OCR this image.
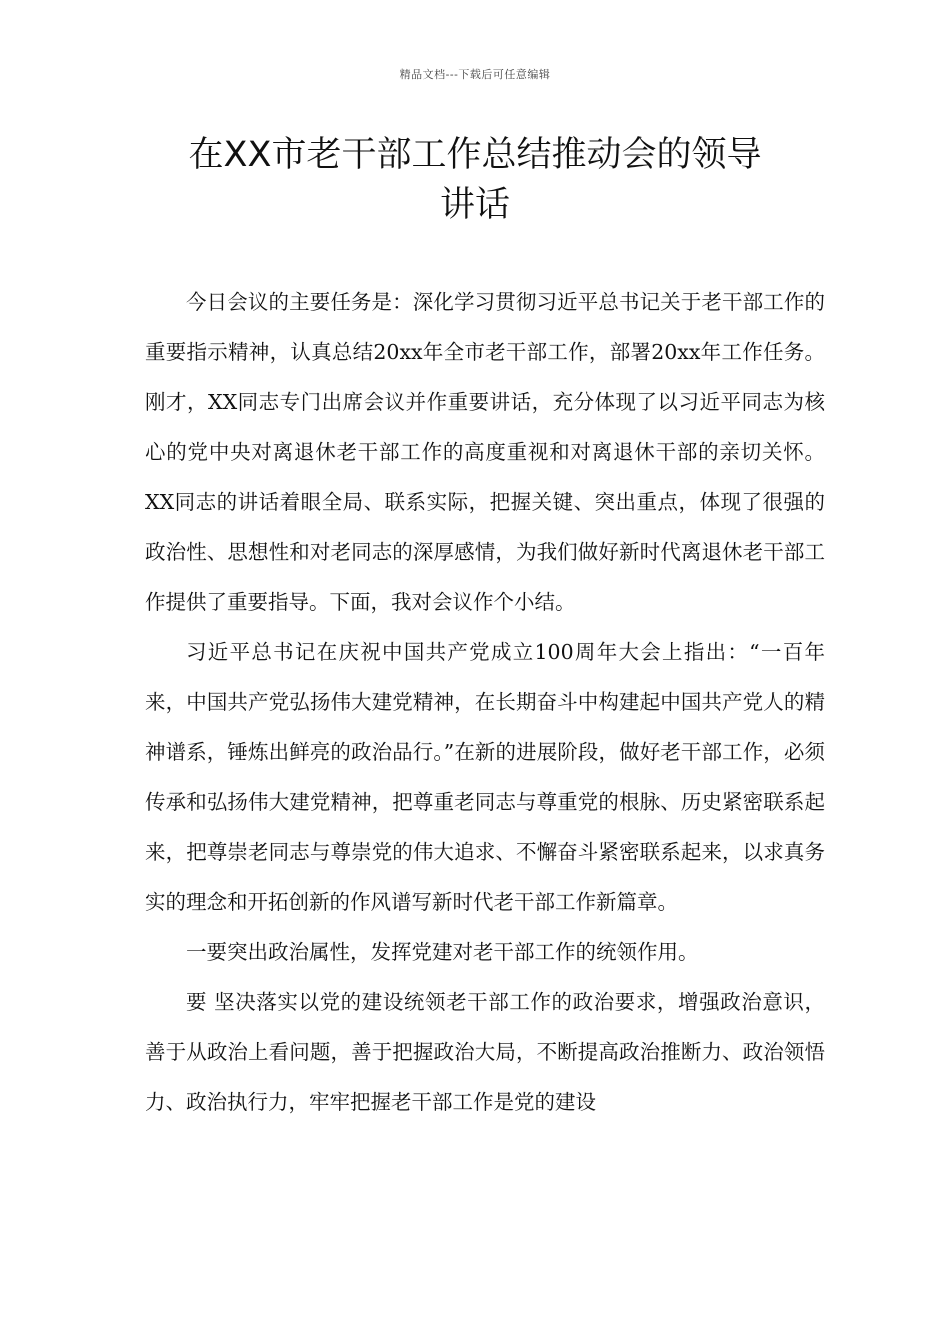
精品文档---下载后可任意编辑
在XX市老干部工作总结推动会的领导
讲话

今日会议的主要任务是：深化学习贯彻习近平总书记关于老干部工作的重要指示精神，认真总结20xx年全市老干部工作，部署20xx年工作任务。刚才，XX同志专门出席会议并作重要讲话，充分体现了以习近平同志为核心的党中央对离退休老干部工作的高度重视和对离退休干部的亲切关怀。XX同志的讲话着眼全局、联系实际，把握关键、突出重点，体现了很强的政治性、思想性和对老同志的深厚感情，为我们做好新时代离退休老干部工作提供了重要指导。下面，我对会议作个小结。

习近平总书记在庆祝中国共产党成立100周年大会上指出：“一百年来，中国共产党弘扬伟大建党精神，在长期奋斗中构建起中国共产党人的精神谱系，锤炼出鲜亮的政治品行。”在新的进展阶段，做好老干部工作，必须传承和弘扬伟大建党精神，把尊重老同志与尊重党的根脉、历史紧密联系起来，把尊崇老同志与尊崇党的伟大追求、不懈奋斗紧密联系起来，以求真务实的理念和开拓创新的作风谱写新时代老干部工作新篇章。

一要突出政治属性，发挥党建对老干部工作的统领作用。

要 坚决落实以党的建设统领老干部工作的政治要求，增强政治意识，善于从政治上看问题，善于把握政治大局，不断提高政治推断力、政治领悟力、政治执行力，牢牢把握老干部工作是党的建设
